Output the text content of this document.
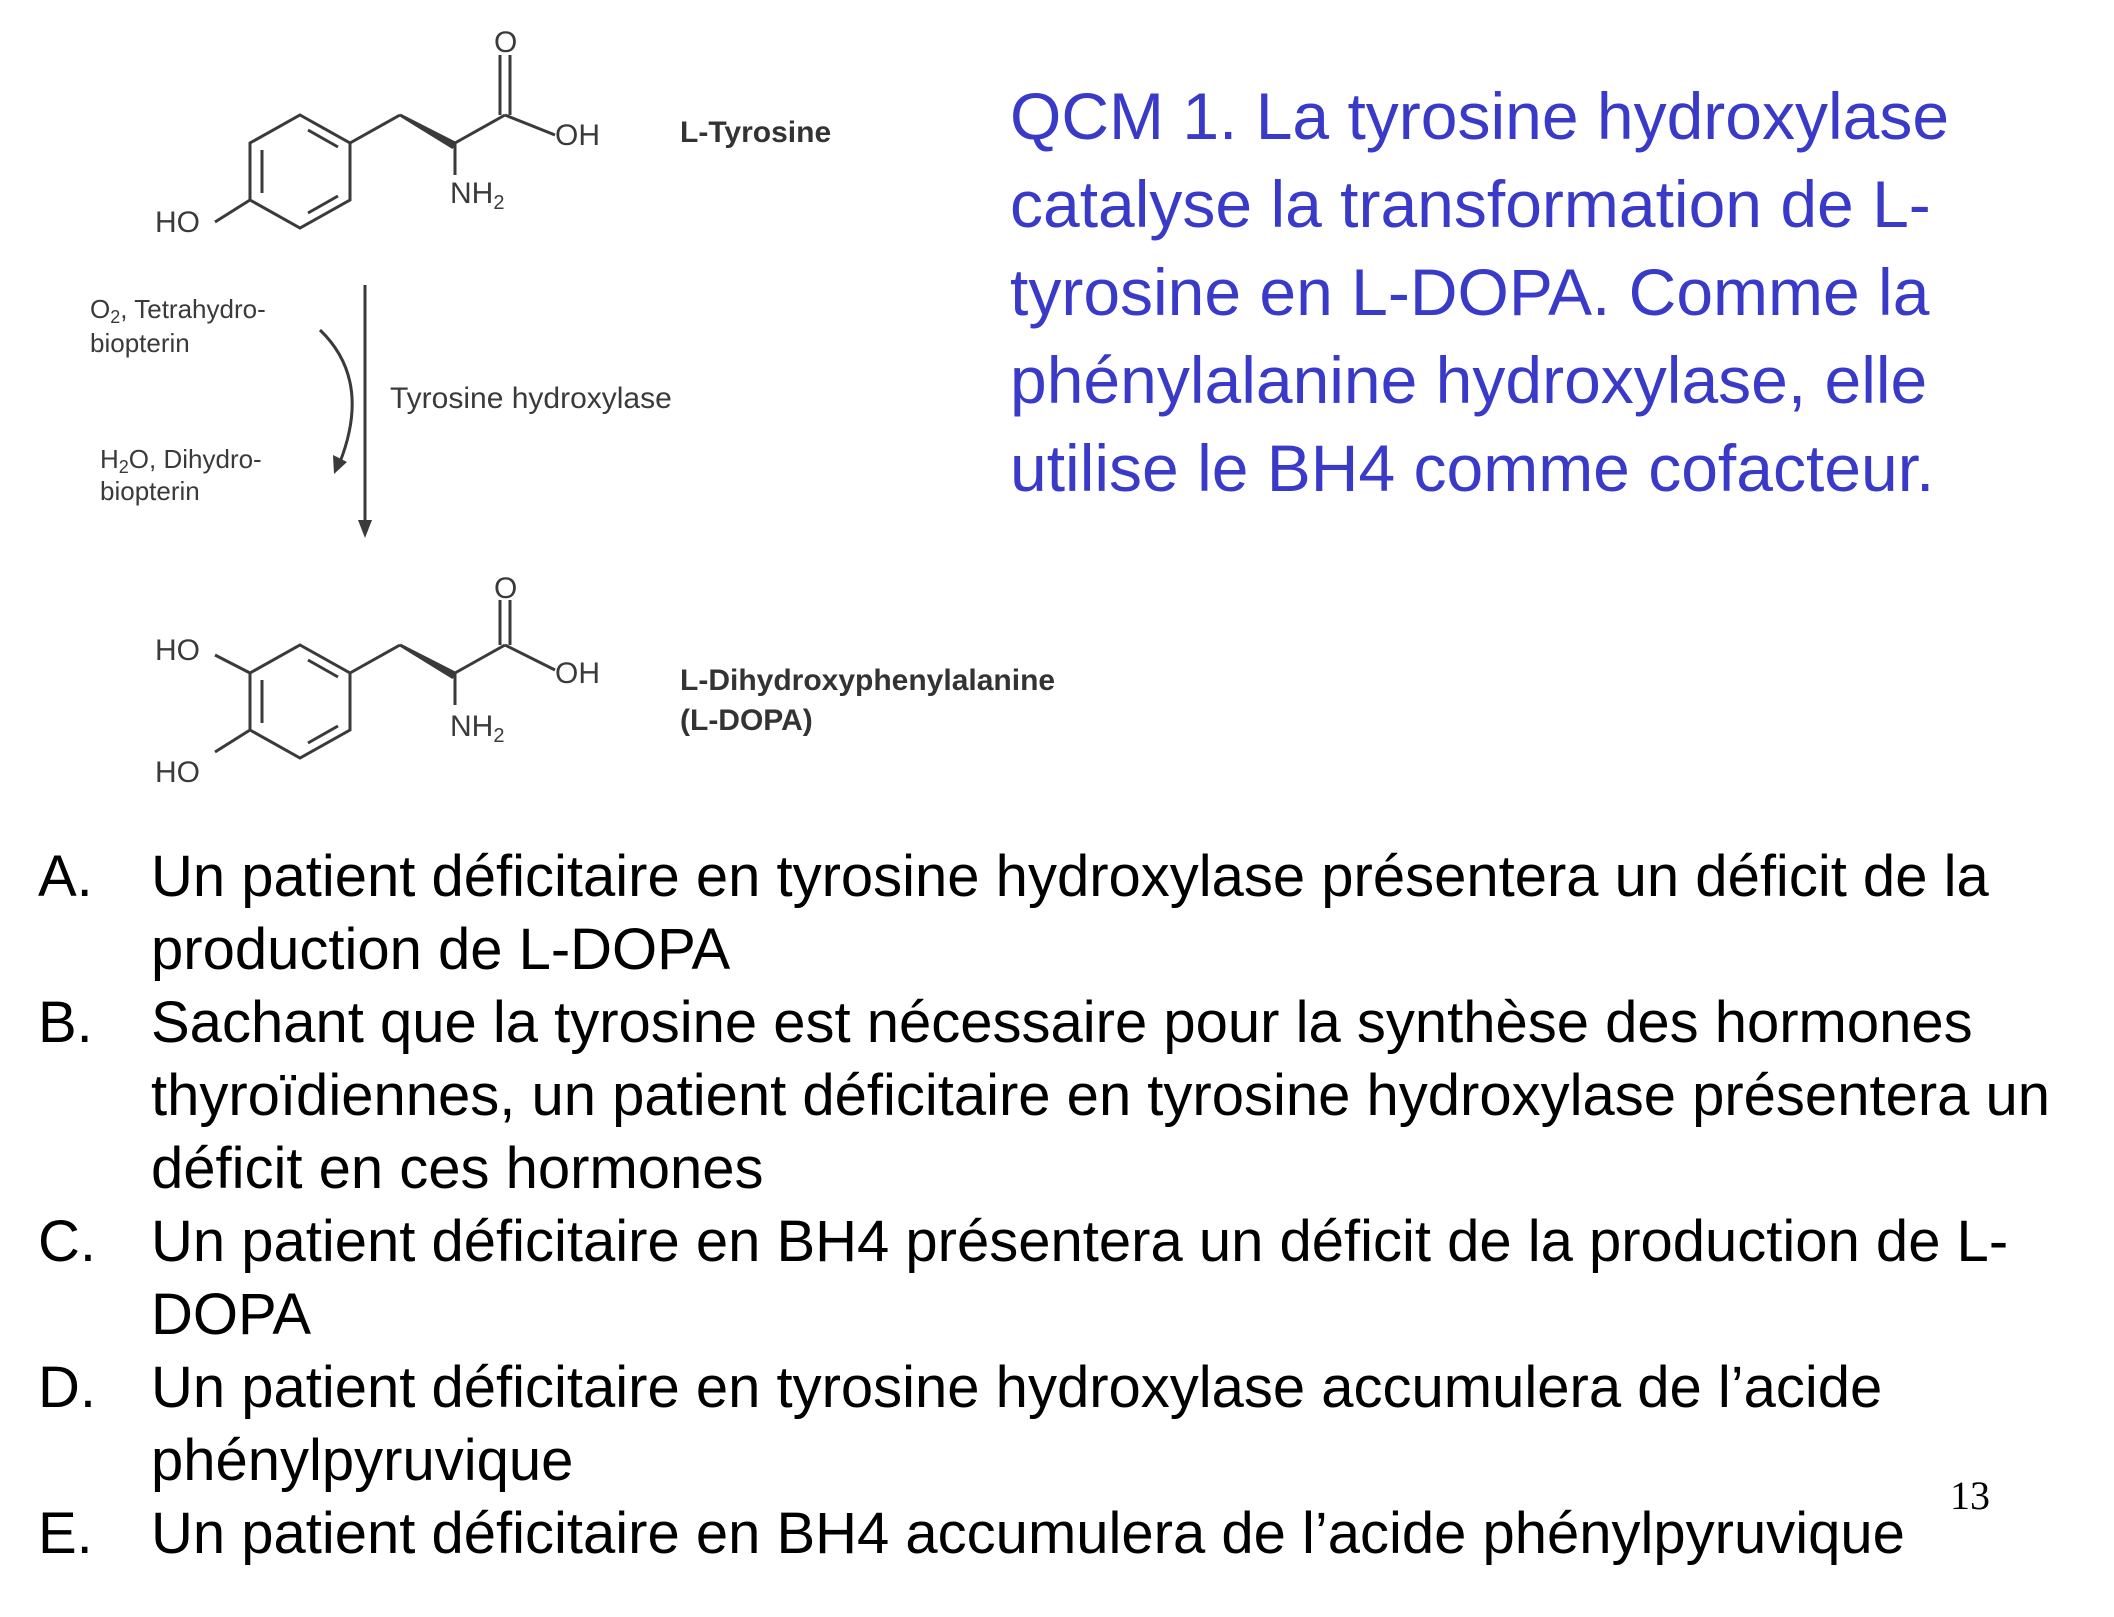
O
OH
HO
$NH_2$
L-Tyrosine
O2, Tetrahydro-
biopterin
Tyrosine hydroxylase
H2O, Dihydro-
biopterin
O
OH
HO
HO
$NH_2$
L-Dihydroxyphenylalanine
(L-DOPA)
QCM 1. La tyrosine hydroxylase catalyse la transformation de L-tyrosine en L-DOPA. Comme la phénylalanine hydroxylase, elle utilise le BH4 comme cofacteur.
A. Un patient déficitaire en tyrosine hydroxylase présentera un déficit de la production de L-DOPA
B. Sachant que la tyrosine est nécessaire pour la synthèse des hormones thyroïdiennes, un patient déficitaire en tyrosine hydroxylase présentera un déficit en ces hormones
C. Un patient déficitaire en BH4 présentera un déficit de la production de L-DOPA
D. Un patient déficitaire en tyrosine hydroxylase accumulera de l’acide phénylpyruvique
E. Un patient déficitaire en BH4 accumulera de l’acide phénylpyruvique
13
